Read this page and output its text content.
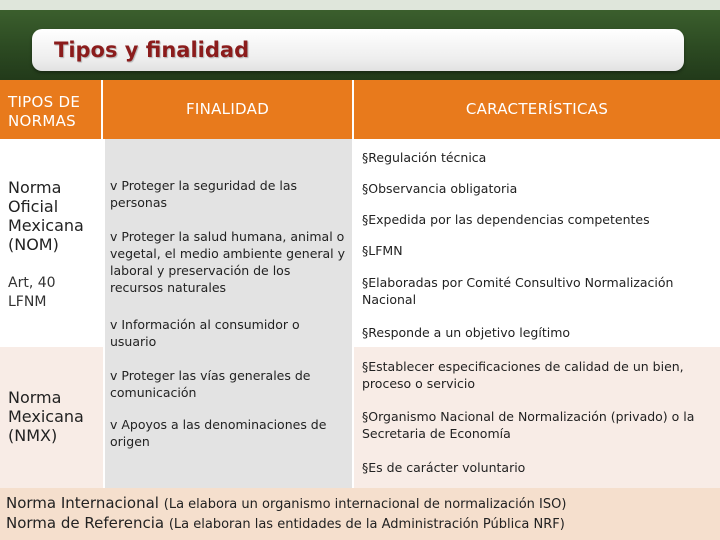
Tipos y finalidad
TIPOS DE NORMAS
FINALIDAD	CARACTERÍSTICAS

Norma Oficial Mexicana (NOM)

Art, 40 LFNM

Norma Mexicana (NMX)

v Proteger la seguridad de las personas

v Proteger la salud humana, animal o vegetal, el medio ambiente general y laboral y preservación de los recursos naturales

v Información al consumidor o usuario

v Proteger las vías generales de comunicación

v Apoyos a las denominaciones de origen

§Regulación técnica

§Observancia obligatoria

§Expedida por las dependencias competentes

§LFMN

§Elaboradas por Comité Consultivo Normalización Nacional

§Responde a un objetivo legítimo

§Establecer especificaciones de calidad de un bien, proceso o servicio

§Organismo Nacional de Normalización (privado) o la Secretaria de Economía

§Es de carácter voluntario

Norma Internacional (La elabora un organismo internacional de normalización ISO)

Norma de Referencia (La elaboran las entidades de la Administración Pública NRF)
